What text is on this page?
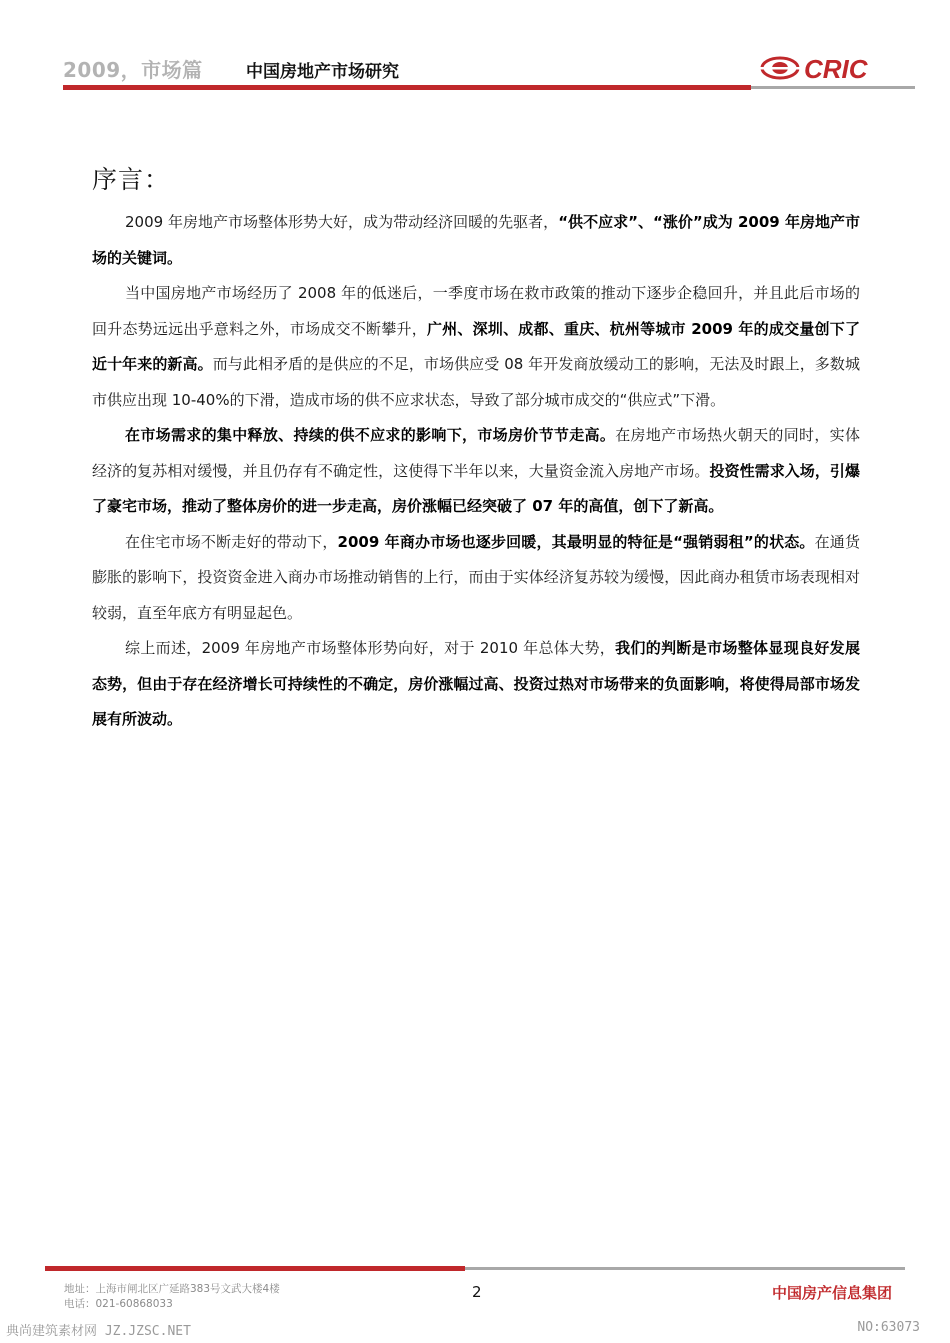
2009，市场篇	中国房地产市场研究	CRIC
序言：

2009 年房地产市场整体形势大好，成为带动经济回暖的先驱者，“供不应求”、“涨价”成为 2009 年房地产市场的关键词。

当中国房地产市场经历了 2008 年的低迷后，一季度市场在救市政策的推动下逐步企稳回升，并且此后市场的回升态势远远出乎意料之外，市场成交不断攀升，广州、深圳、成都、重庆、杭州等城市 2009 年的成交量创下了近十年来的新高。而与此相矛盾的是供应的不足，市场供应受 08 年开发商放缓动工的影响，无法及时跟上，多数城市供应出现 10-40%的下滑，造成市场的供不应求状态，导致了部分城市成交的“供应式”下滑。

在市场需求的集中释放、持续的供不应求的影响下，市场房价节节走高。在房地产市场热火朝天的同时，实体经济的复苏相对缓慢，并且仍存有不确定性，这使得下半年以来，大量资金流入房地产市场。投资性需求入场，引爆了豪宅市场，推动了整体房价的进一步走高，房价涨幅已经突破了 07 年的高值，创下了新高。

在住宅市场不断走好的带动下，2009 年商办市场也逐步回暖，其最明显的特征是“强销弱租”的状态。在通货膨胀的影响下，投资资金进入商办市场推动销售的上行，而由于实体经济复苏较为缓慢，因此商办租赁市场表现相对较弱，直至年底方有明显起色。

综上而述，2009 年房地产市场整体形势向好，对于 2010 年总体大势，我们的判断是市场整体显现良好发展态势，但由于存在经济增长可持续性的不确定，房价涨幅过高、投资过热对市场带来的负面影响，将使得局部市场发展有所波动。

地址：上海市闸北区广延路383号文武大楼4楼
电话：021-60868033
2	中国房产信息集团
典尚建筑素材网 JZ.JZSC.NET	NO:63073
